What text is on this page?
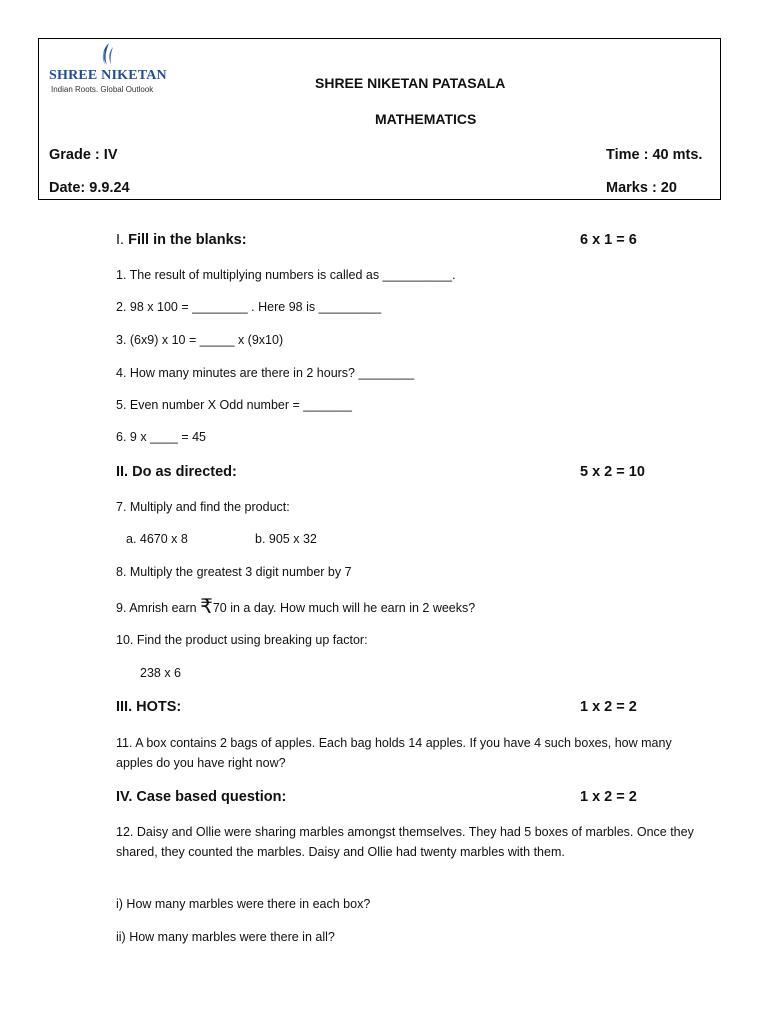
SHREE NIKETAN
Indian Roots. Global Outlook	SHREE NIKETAN PATASALA
MATHEMATICS
Grade : IV
Date: 9.9.24
Time : 40 mts.
Marks : 20
I. Fill in the blanks:	6 x 1 = 6
1. The result of multiplying numbers is called as __________.
2. 98 x 100 = ________ . Here 98 is _________
3. (6x9) x 10 = _____ x (9x10)
4. How many minutes are there in 2 hours? ________
5. Even number X Odd number = _______
6. 9 x ____ = 45
II. Do as directed:	5 x 2 = 10
7. Multiply and find the product:
a. 4670 x 8	b. 905 x 32
8. Multiply the greatest 3 digit number by 7
9. Amrish earn ₹70 in a day. How much will he earn in 2 weeks?
10. Find the product using breaking up factor:
238 x 6
III. HOTS:	1 x 2 = 2
11. A box contains 2 bags of apples. Each bag holds 14 apples. If you have 4 such boxes, how many apples do you have right now?
IV. Case based question:	1 x 2 = 2
12. Daisy and Ollie were sharing marbles amongst themselves. They had 5 boxes of marbles. Once they shared, they counted the marbles. Daisy and Ollie had twenty marbles with them.
i) How many marbles were there in each box?
ii) How many marbles were there in all?
